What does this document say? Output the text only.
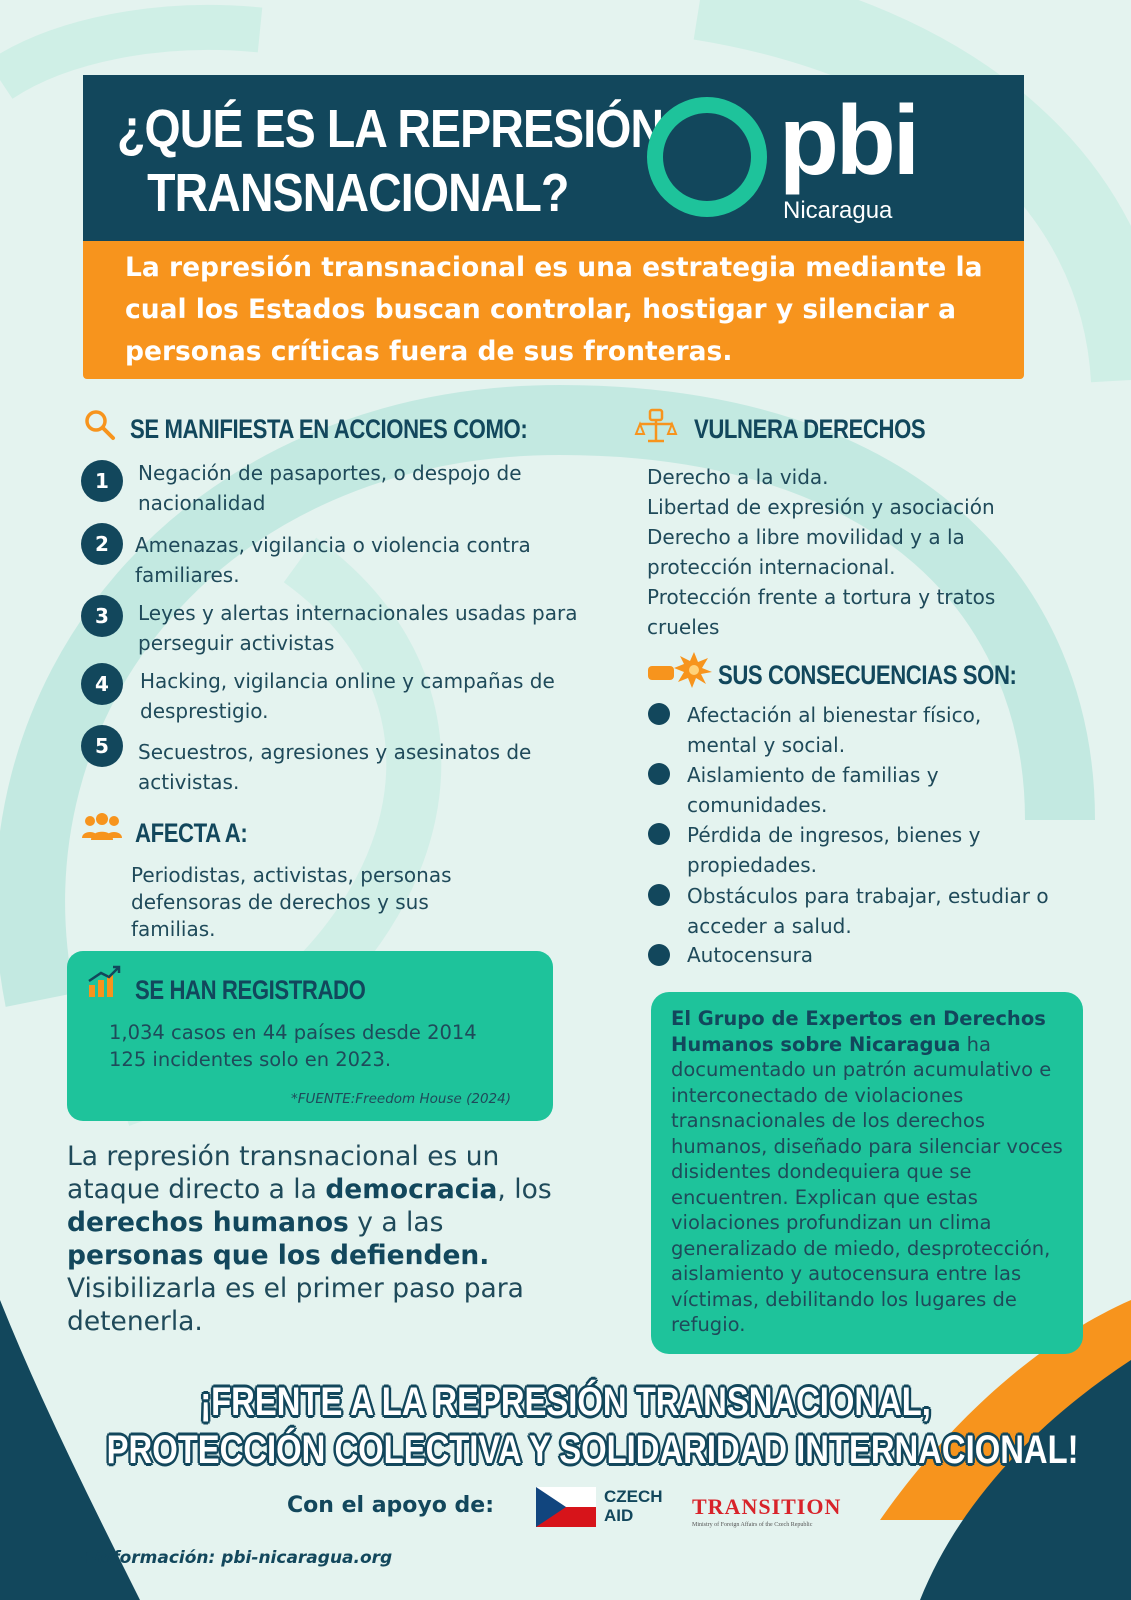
¿QUÉ ES LA REPRESIÓN
TRANSNACIONAL?	pbi
Nicaragua

La represión transnacional es una estrategia mediante la cual los Estados buscan controlar, hostigar y silenciar a personas críticas fuera de sus fronteras.

SE MANIFIESTA EN ACCIONES COMO:
1	Negación de pasaportes, o despojo de nacionalidad
2	Amenazas, vigilancia o violencia contra familiares.
3	Leyes y alertas internacionales usadas para perseguir activistas
4	Hacking, vigilancia online y campañas de desprestigio.
5	Secuestros, agresiones y asesinatos de activistas.
AFECTA A:
Periodistas, activistas, personas defensoras de derechos y sus familias.
SE HAN REGISTRADO
1,034 casos en 44 países desde 2014
125 incidentes solo en 2023.
*FUENTE:Freedom House (2024)
La represión transnacional es un ataque directo a la democracia, los derechos humanos y a las personas que los defienden. Visibilizarla es el primer paso para detenerla.
VULNERA DERECHOS
Derecho a la vida.
Libertad de expresión y asociación
Derecho a libre movilidad y a la
protección internacional.
Protección frente a tortura y tratos
crueles
SUS CONSECUENCIAS SON:
Afectación al bienestar físico, mental y social.
Aislamiento de familias y comunidades.
Pérdida de ingresos, bienes y propiedades.
Obstáculos para trabajar, estudiar o acceder a salud.
Autocensura

El Grupo de Expertos en Derechos Humanos sobre Nicaragua ha documentado un patrón acumulativo e interconectado de violaciones transnacionales de los derechos humanos, diseñado para silenciar voces disidentes dondequiera que se encuentren. Explican que estas violaciones profundizan un clima generalizado de miedo, desprotección, aislamiento y autocensura entre las víctimas, debilitando los lugares de refugio.

¡FRENTE A LA REPRESIÓN TRANSNACIONAL,
PROTECCIÓN COLECTIVA Y SOLIDARIDAD INTERNACIONAL!
Con el apoyo de:	CZECH
AID	TRANSITION
Ministry of Foreign Affairs of the Czech Republic
+información: pbi-nicaragua.org
